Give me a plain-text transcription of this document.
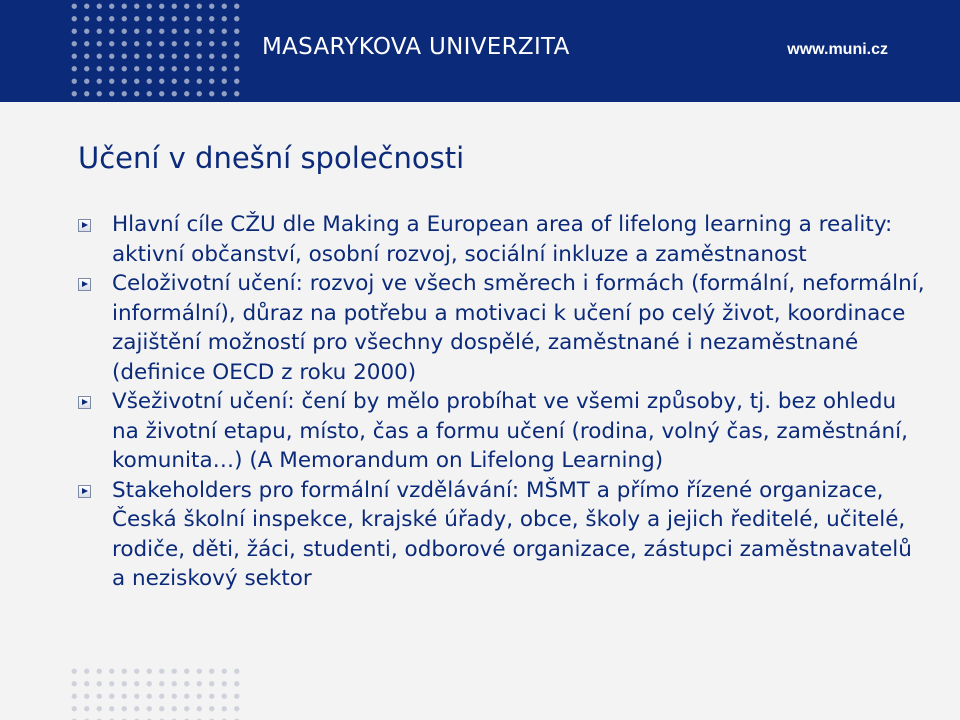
MASARYKOVA UNIVERZITA	www.muni.cz
Učení v dnešní společnosti
Hlavní cíle CŽU dle Making a European area of lifelong learning a reality: aktivní občanství, osobní rozvoj, sociální inkluze a zaměstnanost
Celoživotní učení: rozvoj ve všech směrech i formách (formální, neformální, informální), důraz na potřebu a motivaci k učení po celý život, koordinace zajištění možností pro všechny dospělé, zaměstnané i nezaměstnané (definice OECD z roku 2000)
Všeživotní učení: čení by mělo probíhat ve všemi způsoby, tj. bez ohledu na životní etapu, místo, čas a formu učení (rodina, volný čas, zaměstnání, komunita…) (A Memorandum on Lifelong Learning)
Stakeholders pro formální vzdělávání: MŠMT a přímo řízené organizace, Česká školní inspekce, krajské úřady, obce, školy a jejich ředitelé, učitelé, rodiče, děti, žáci, studenti, odborové organizace, zástupci zaměstnavatelů a neziskový sektor
